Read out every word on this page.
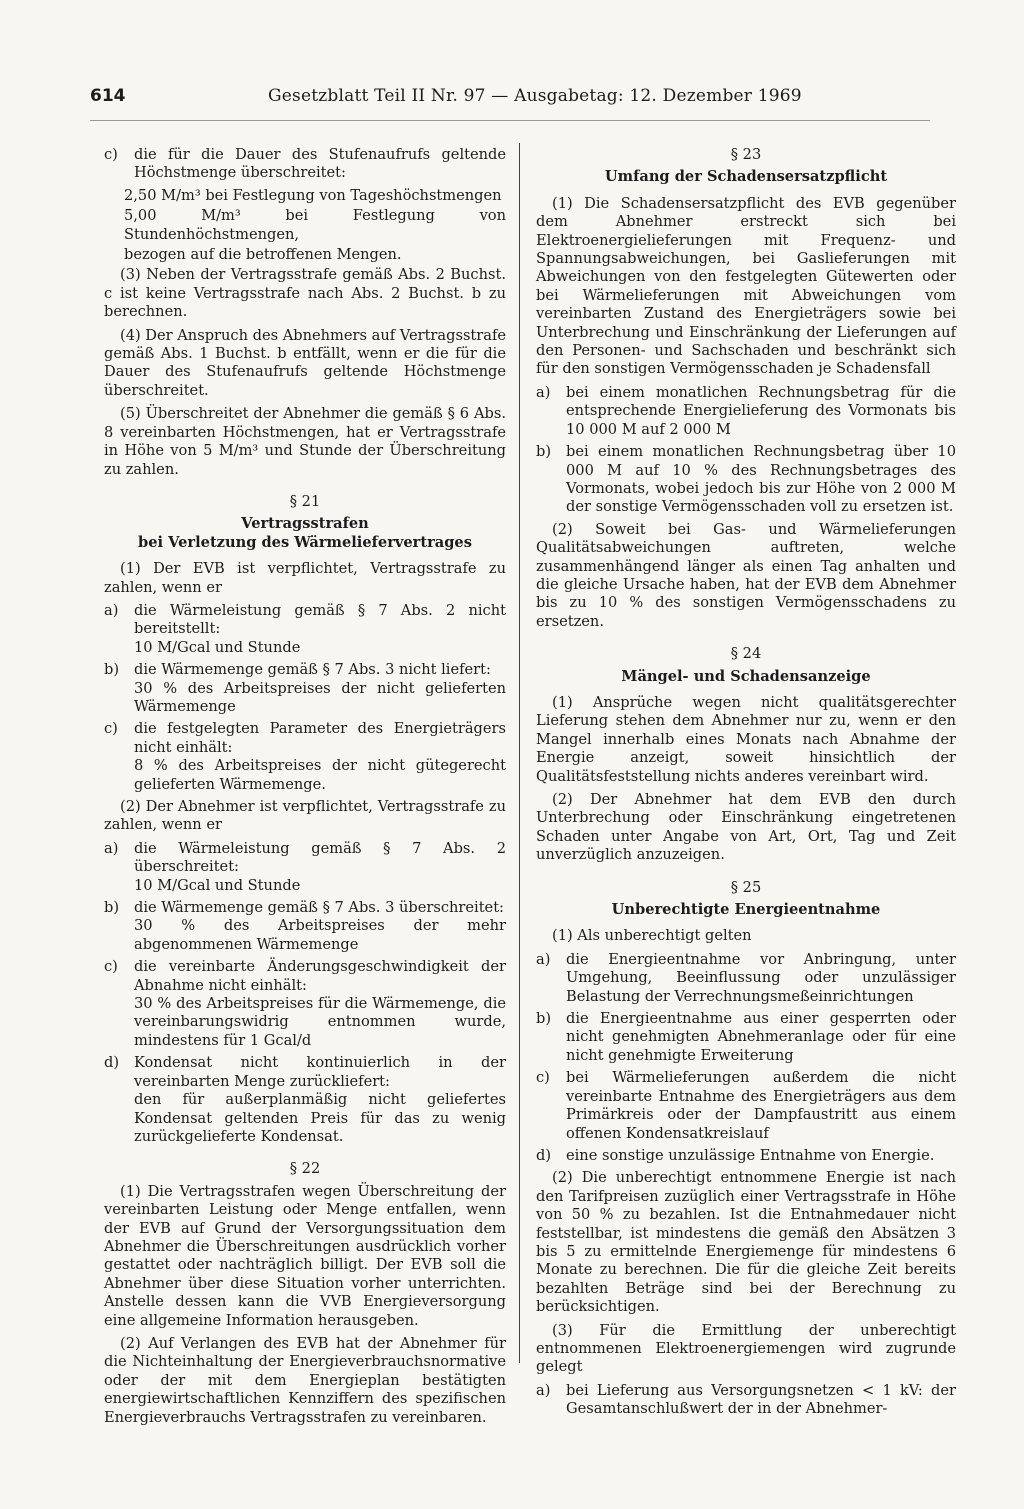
614	Gesetzblatt Teil II Nr. 97 — Ausgabetag: 12. Dezember 1969
c) die für die Dauer des Stufenaufrufs geltende Höchstmenge überschreitet:

2,50 M/m³ bei Festlegung von Tageshöchstmengen

5,00 M/m³ bei Festlegung von Stundenhöchstmengen,

bezogen auf die betroffenen Mengen.

(3) Neben der Vertragsstrafe gemäß Abs. 2 Buchst. c ist keine Vertragsstrafe nach Abs. 2 Buchst. b zu berechnen.

(4) Der Anspruch des Abnehmers auf Vertragsstrafe gemäß Abs. 1 Buchst. b entfällt, wenn er die für die Dauer des Stufenaufrufs geltende Höchstmenge überschreitet.

(5) Überschreitet der Abnehmer die gemäß § 6 Abs. 8 vereinbarten Höchstmengen, hat er Vertragsstrafe in Höhe von 5 M/m³ und Stunde der Überschreitung zu zahlen.

§ 21
Vertragsstrafen
bei Verletzung des Wärmeliefervertrages

(1) Der EVB ist verpflichtet, Vertragsstrafe zu zahlen, wenn er

a) die Wärmeleistung gemäß § 7 Abs. 2 nicht bereitstellt:
10 M/Gcal und Stunde
b) die Wärmemenge gemäß § 7 Abs. 3 nicht liefert:
30 % des Arbeitspreises der nicht gelieferten Wärmemenge
c) die festgelegten Parameter des Energieträgers nicht einhält:
8 % des Arbeitspreises der nicht gütegerecht gelieferten Wärmemenge.

(2) Der Abnehmer ist verpflichtet, Vertragsstrafe zu zahlen, wenn er

a) die Wärmeleistung gemäß § 7 Abs. 2 überschreitet:
10 M/Gcal und Stunde
b) die Wärmemenge gemäß § 7 Abs. 3 überschreitet:
30 % des Arbeitspreises der mehr abgenommenen Wärmemenge
c) die vereinbarte Änderungsgeschwindigkeit der Abnahme nicht einhält:
30 % des Arbeitspreises für die Wärmemenge, die vereinbarungswidrig entnommen wurde, mindestens für 1 Gcal/d
d) Kondensat nicht kontinuierlich in der vereinbarten Menge zurückliefert:
den für außerplanmäßig nicht geliefertes Kondensat geltenden Preis für das zu wenig zurückgelieferte Kondensat.
§ 22

(1) Die Vertragsstrafen wegen Überschreitung der vereinbarten Leistung oder Menge entfallen, wenn der EVB auf Grund der Versorgungssituation dem Abnehmer die Überschreitungen ausdrücklich vorher gestattet oder nachträglich billigt. Der EVB soll die Abnehmer über diese Situation vorher unterrichten. Anstelle dessen kann die VVB Energieversorgung eine allgemeine Information herausgeben.

(2) Auf Verlangen des EVB hat der Abnehmer für die Nichteinhaltung der Energieverbrauchsnormative oder der mit dem Energieplan bestätigten energiewirtschaftlichen Kennziffern des spezifischen Energieverbrauchs Vertragsstrafen zu vereinbaren.

§ 23
Umfang der Schadensersatzpflicht

(1) Die Schadensersatzpflicht des EVB gegenüber dem Abnehmer erstreckt sich bei Elektroenergielieferungen mit Frequenz- und Spannungsabweichungen, bei Gaslieferungen mit Abweichungen von den festgelegten Gütewerten oder bei Wärmelieferungen mit Abweichungen vom vereinbarten Zustand des Energieträgers sowie bei Unterbrechung und Einschränkung der Lieferungen auf den Personen- und Sachschaden und beschränkt sich für den sonstigen Vermögensschaden je Schadensfall

a) bei einem monatlichen Rechnungsbetrag für die entsprechende Energielieferung des Vormonats bis 10 000 M auf 2 000 M
b) bei einem monatlichen Rechnungsbetrag über 10 000 M auf 10 % des Rechnungsbetrages des Vormonats, wobei jedoch bis zur Höhe von 2 000 M der sonstige Vermögensschaden voll zu ersetzen ist.

(2) Soweit bei Gas- und Wärmelieferungen Qualitätsabweichungen auftreten, welche zusammenhängend länger als einen Tag anhalten und die gleiche Ursache haben, hat der EVB dem Abnehmer bis zu 10 % des sonstigen Vermögensschadens zu ersetzen.

§ 24
Mängel- und Schadensanzeige

(1) Ansprüche wegen nicht qualitätsgerechter Lieferung stehen dem Abnehmer nur zu, wenn er den Mangel innerhalb eines Monats nach Abnahme der Energie anzeigt, soweit hinsichtlich der Qualitätsfeststellung nichts anderes vereinbart wird.

(2) Der Abnehmer hat dem EVB den durch Unterbrechung oder Einschränkung eingetretenen Schaden unter Angabe von Art, Ort, Tag und Zeit unverzüglich anzuzeigen.

§ 25
Unberechtigte Energieentnahme

(1) Als unberechtigt gelten

a) die Energieentnahme vor Anbringung, unter Umgehung, Beeinflussung oder unzulässiger Belastung der Verrechnungsmeßeinrichtungen
b) die Energieentnahme aus einer gesperrten oder nicht genehmigten Abnehmeranlage oder für eine nicht genehmigte Erweiterung
c) bei Wärmelieferungen außerdem die nicht vereinbarte Entnahme des Energieträgers aus dem Primärkreis oder der Dampfaustritt aus einem offenen Kondensatkreislauf
d) eine sonstige unzulässige Entnahme von Energie.

(2) Die unberechtigt entnommene Energie ist nach den Tarifpreisen zuzüglich einer Vertragsstrafe in Höhe von 50 % zu bezahlen. Ist die Entnahmedauer nicht feststellbar, ist mindestens die gemäß den Absätzen 3 bis 5 zu ermittelnde Energiemenge für mindestens 6 Monate zu berechnen. Die für die gleiche Zeit bereits bezahlten Beträge sind bei der Berechnung zu berücksichtigen.

(3) Für die Ermittlung der unberechtigt entnommenen Elektroenergiemengen wird zugrunde gelegt

a) bei Lieferung aus Versorgungsnetzen < 1 kV: der Gesamtanschlußwert der in der Abnehmer-
